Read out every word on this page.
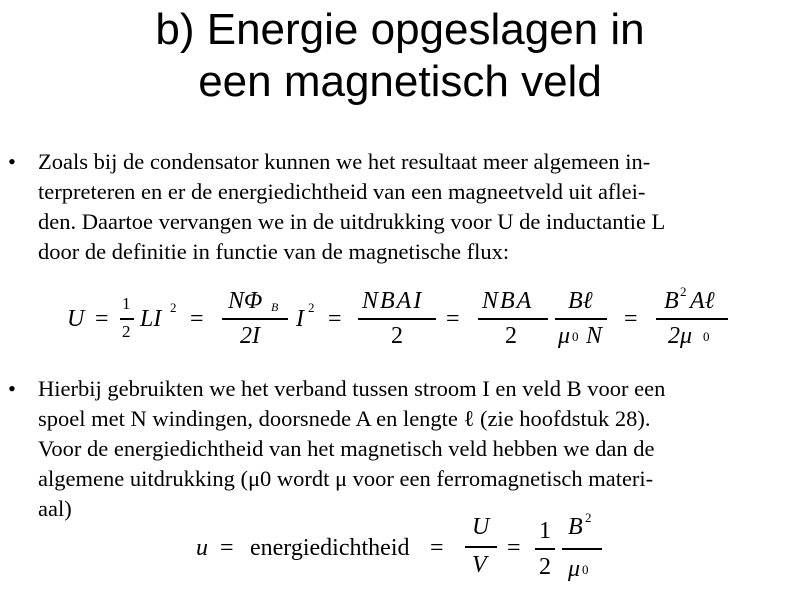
b) Energie opgeslagen in
een magnetisch veld
• Zoals bij de condensator kunnen we het resultaat meer algemeen in-
terpreteren en er de energiedichtheid van een magneetveld uit aflei-
den. Daartoe vervangen we in de uitdrukking voor U de inductantie L
door de definitie in functie van de magnetische flux:
U =
1
2 LI 2 =
NΦ B
2I
I 2 =
NBAI
2
=
NBA
2
Bℓ
μ 0 N
=
B 2 Aℓ
2μ 0
• Hierbij gebruikten we het verband tussen stroom I en veld B voor een
spoel met N windingen, doorsnede A en lengte ℓ (zie hoofdstuk 28).
Voor de energiedichtheid van het magnetisch veld hebben we dan de
algemene uitdrukking (μ0 wordt μ voor een ferromagnetisch materi-
aal)
u = energiedichtheid =
U
V
=
1
2
B 2
μ 0
